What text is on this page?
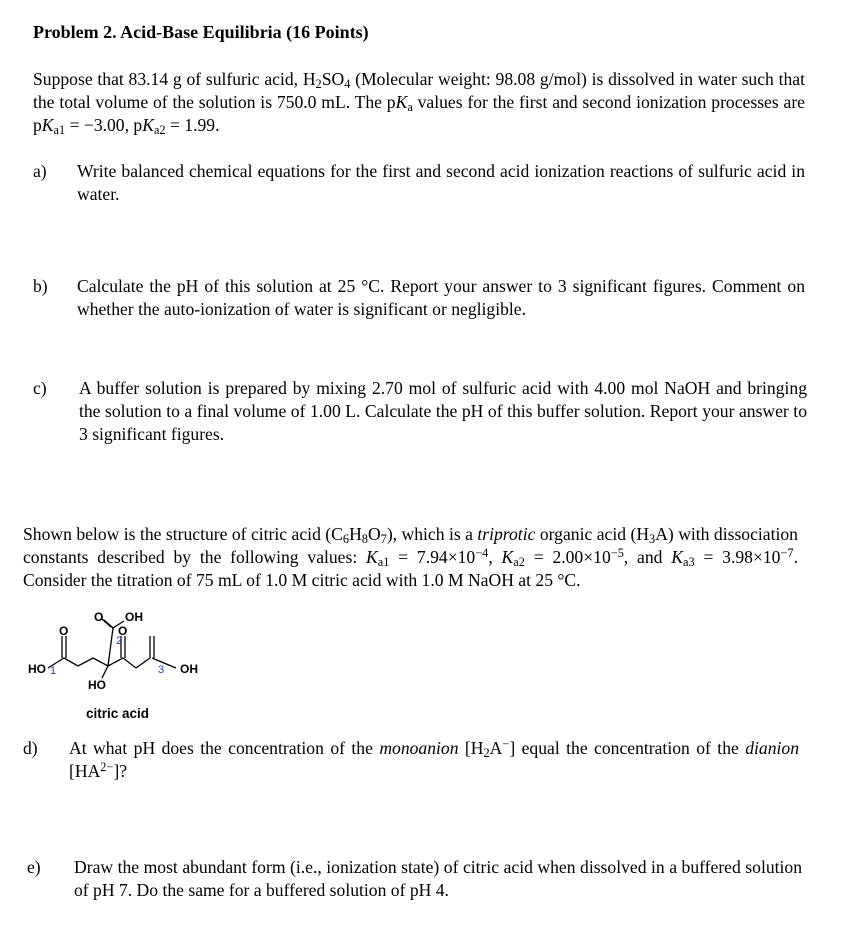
Problem 2. Acid-Base Equilibria (16 Points)
Suppose that 83.14 g of sulfuric acid, $H_2SO_4$ (Molecular weight: 98.08 g/mol) is dissolved in water such that the total volume of the solution is 750.0 mL. The $pK_a$ values for the first and second ionization processes are $pK_{a1} = -3.00$, $pK_{a2} = 1.99$.
a) Write balanced chemical equations for the first and second acid ionization reactions of sulfuric acid in water.
b) Calculate the pH of this solution at 25 °C. Report your answer to 3 significant figures. Comment on whether the auto-ionization of water is significant or negligible.
c) A buffer solution is prepared by mixing 2.70 mol of sulfuric acid with 4.00 mol NaOH and bringing the solution to a final volume of 1.00 L. Calculate the pH of this buffer solution. Report your answer to 3 significant figures.
Shown below is the structure of citric acid $(C_6H_8O_7)$, which is a triprotic organic acid $(H_3A)$ with dissociation constants described by the following values: $K_{a1} = 7.94\times 10^{-4}$, $K_{a2} = 2.00\times 10^{-5}$, and $K_{a3} = 3.98\times 10^{-7}$. Consider the titration of 75 mL of 1.0 M citric acid with 1.0 M NaOH at 25 °C.
O OH
O	O
HO
HO
OH
1
2
3
citric acid
d) At what pH does the concentration of the monoanion $[H_2A^-]$ equal the concentration of the dianion $[HA^{2-}]$?
e) Draw the most abundant form (i.e., ionization state) of citric acid when dissolved in a buffered solution of pH 7. Do the same for a buffered solution of pH 4.
